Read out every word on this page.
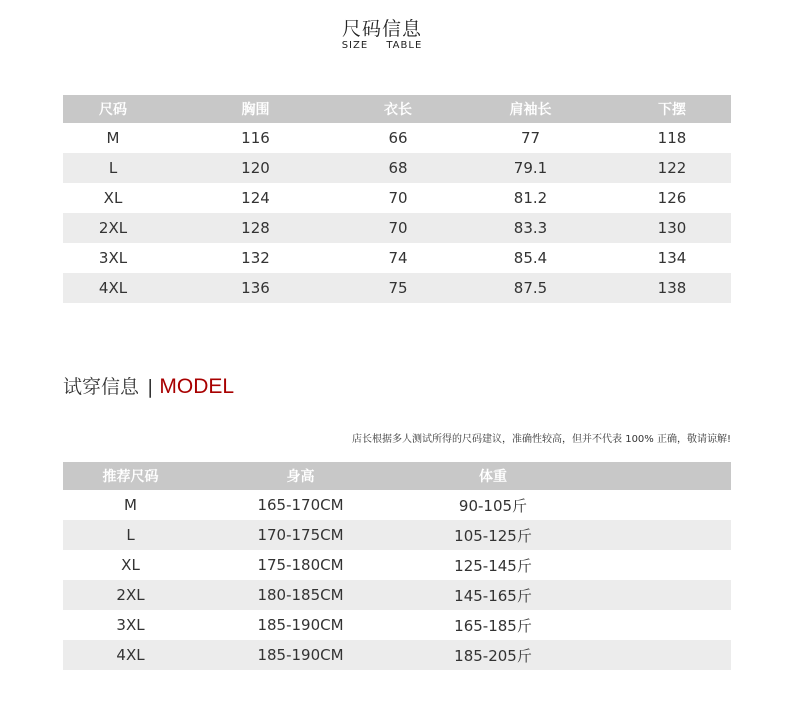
尺码信息
SIZE TABLE
尺码	胸围	衣长	肩袖长	下摆
M	116	66	77	118
L	120	68	79.1	122
XL	124	70	81.2	126
2XL	128	70	83.3	130
3XL	132	74	85.4	134
4XL	136	75	87.5	138
试穿信息 | MODEL
店长根据多人测试所得的尺码建议，准确性较高，但并不代表 100% 正确，敬请谅解!
推荐尺码	身高	体重	
M	165-170CM	90-105斤	
L	170-175CM	105-125斤	
XL	175-180CM	125-145斤	
2XL	180-185CM	145-165斤	
3XL	185-190CM	165-185斤	
4XL	185-190CM	185-205斤	
